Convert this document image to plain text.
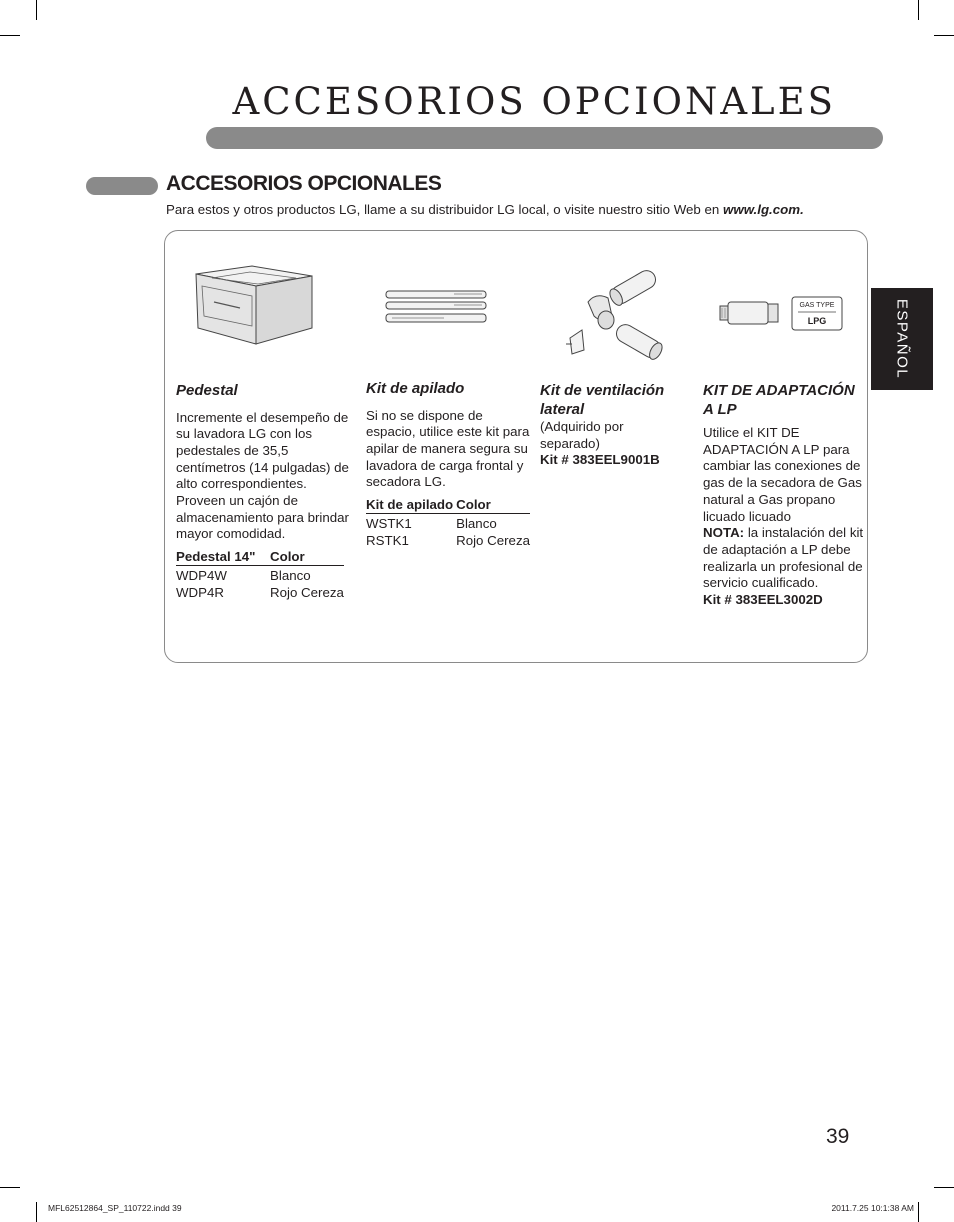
ACCESORIOS OPCIONALES
ACCESORIOS OPCIONALES
Para estos y otros productos LG, llame a su distribuidor LG local, o visite nuestro sitio Web en www.lg.com.
ESPAÑOL
GAS TYPE
LPG
Pedestal

Incremente el desempeño de su lavadora LG con los pedestales de 35,5 centímetros (14 pulgadas) de alto correspondientes. Proveen un cajón de almacenamiento para brindar mayor comodidad.

Pedestal 14"	Color
WDP4W	Blanco
WDP4R	Rojo Cereza
Kit de apilado

Si no se dispone de espacio, utilice este kit para apilar de manera segura su lavadora de carga frontal y secadora LG.

Kit de apilado	Color
WSTK1	Blanco
RSTK1	Rojo Cereza
Kit de ventilación lateral

(Adquirido por separado)

Kit # 383EEL9001B

KIT DE ADAPTACIÓN A LP

Utilice el KIT DE ADAPTACIÓN A LP para cambiar las conexiones de gas de la secadora de Gas natural a Gas propano licuado licuado

NOTA: la instalación del kit de adaptación a LP debe realizarla un profesional de servicio cualificado.

Kit # 383EEL3002D

39
MFL62512864_SP_110722.indd 39	2011.7.25 10:1:38 AM
